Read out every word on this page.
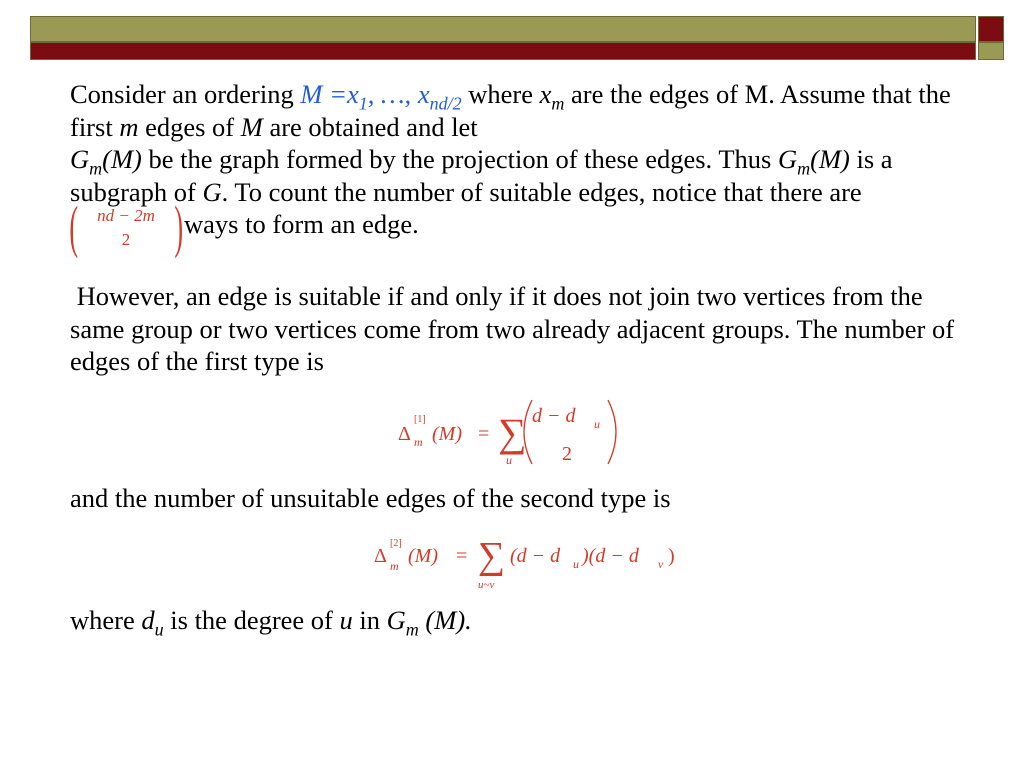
Consider an ordering $M =x_1$, …, $x_{nd/2}$ where $x_m$ are the edges of M. Assume that the first m edges of M are obtained and let
$G_m(M)$ be the graph formed by the projection of these edges. Thus $G_m(M)$ is a subgraph of G. To count the number of suitable edges, notice that there are
(	nd − 2m
2 ) ways to form an edge.

However, an edge is suitable if and only if it does not join two vertices from the same group or two vertices come from two already adjacent groups. The number of edges of the first type is

Δ
[1]
m (M) = ∑
u
d − d u
2
and the number of unsuitable edges of the second type is
Δ
[2]
m (M) = ∑
u~v
(d − d u )(d − d v )
where $d_u$ is the degree of u in $G_m$ (M).
